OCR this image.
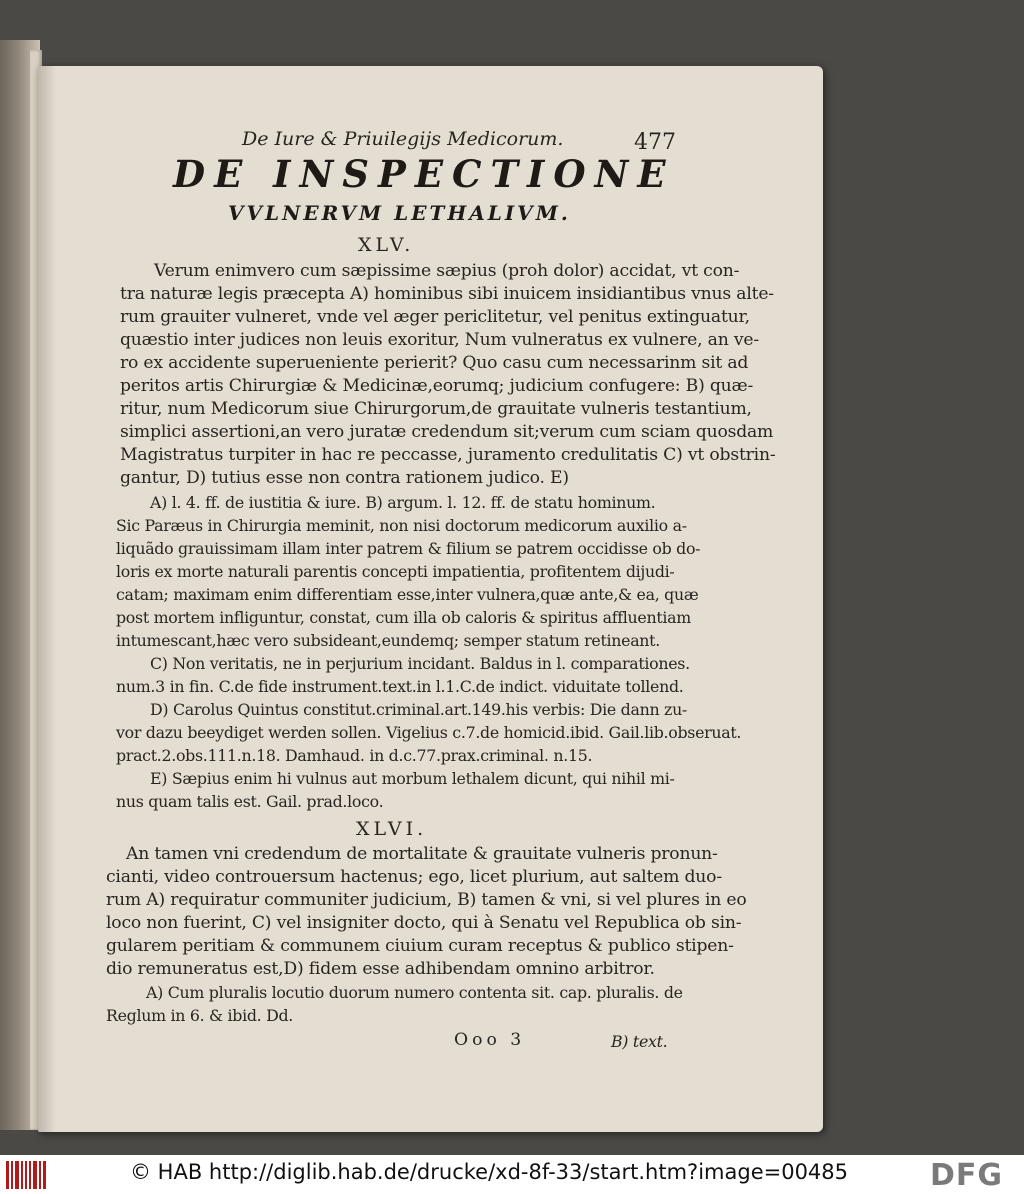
De Iure & Priuilegijs Medicorum.	477
DE INSPECTIONE
VVLNERVM LETHALIVM.
XLV.
Verum enimvero cum sæpissime sæpius (proh dolor) accidat, vt con-
tra naturæ legis præcepta A) hominibus sibi inuicem insidiantibus vnus alte-
rum grauiter vulneret, vnde vel æger periclitetur, vel penitus extinguatur,
quæstio inter judices non leuis exoritur, Num vulneratus ex vulnere, an ve-
ro ex accidente superueniente perierit? Quo casu cum necessarinm sit ad
peritos artis Chirurgiæ & Medicinæ,eorumq; judicium confugere: B) quæ-
ritur, num Medicorum siue Chirurgorum,de grauitate vulneris testantium,
simplici assertioni,an vero juratæ credendum sit;verum cum sciam quosdam
Magistratus turpiter in hac re peccasse, juramento credulitatis C) vt obstrin-
gantur, D) tutius esse non contra rationem judico. E)
A) l. 4. ff. de iustitia & iure. B) argum. l. 12. ff. de statu hominum.
Sic Paræus in Chirurgia meminit, non nisi doctorum medicorum auxilio a-
liquãdo grauissimam illam inter patrem & filium se patrem occidisse ob do-
loris ex morte naturali parentis concepti impatientia, profitentem dijudi-
catam; maximam enim differentiam esse,inter vulnera,quæ ante,& ea, quæ
post mortem infliguntur, constat, cum illa ob caloris & spiritus affluentiam
intumescant,hæc vero subsideant,eundemq; semper statum retineant.
C) Non veritatis, ne in perjurium incidant. Baldus in l. comparationes.
num.3 in fin. C.de fide instrument.text.in l.1.C.de indict. viduitate tollend.
D) Carolus Quintus constitut.criminal.art.149.his verbis: Die dann zu-
vor dazu beeydiget werden sollen. Vigelius c.7.de homicid.ibid. Gail.lib.obseruat.
pract.2.obs.111.n.18. Damhaud. in d.c.77.prax.criminal. n.15.
E) Sæpius enim hi vulnus aut morbum lethalem dicunt, qui nihil mi-
nus quam talis est. Gail. prad.loco.
XLVI.
An tamen vni credendum de mortalitate & grauitate vulneris pronun-
cianti, video controuersum hactenus; ego, licet plurium, aut saltem duo-
rum A) requiratur communiter judicium, B) tamen & vni, si vel plures in eo
loco non fuerint, C) vel insigniter docto, qui à Senatu vel Republica ob sin-
gularem peritiam & communem ciuium curam receptus & publico stipen-
dio remuneratus est,D) fidem esse adhibendam omnino arbitror.
A) Cum pluralis locutio duorum numero contenta sit. cap. pluralis. de
Reglum in 6. & ibid. Dd.
Ooo 3	B) text.
© HAB http://diglib.hab.de/drucke/xd-8f-33/start.htm?image=00485	DFG
